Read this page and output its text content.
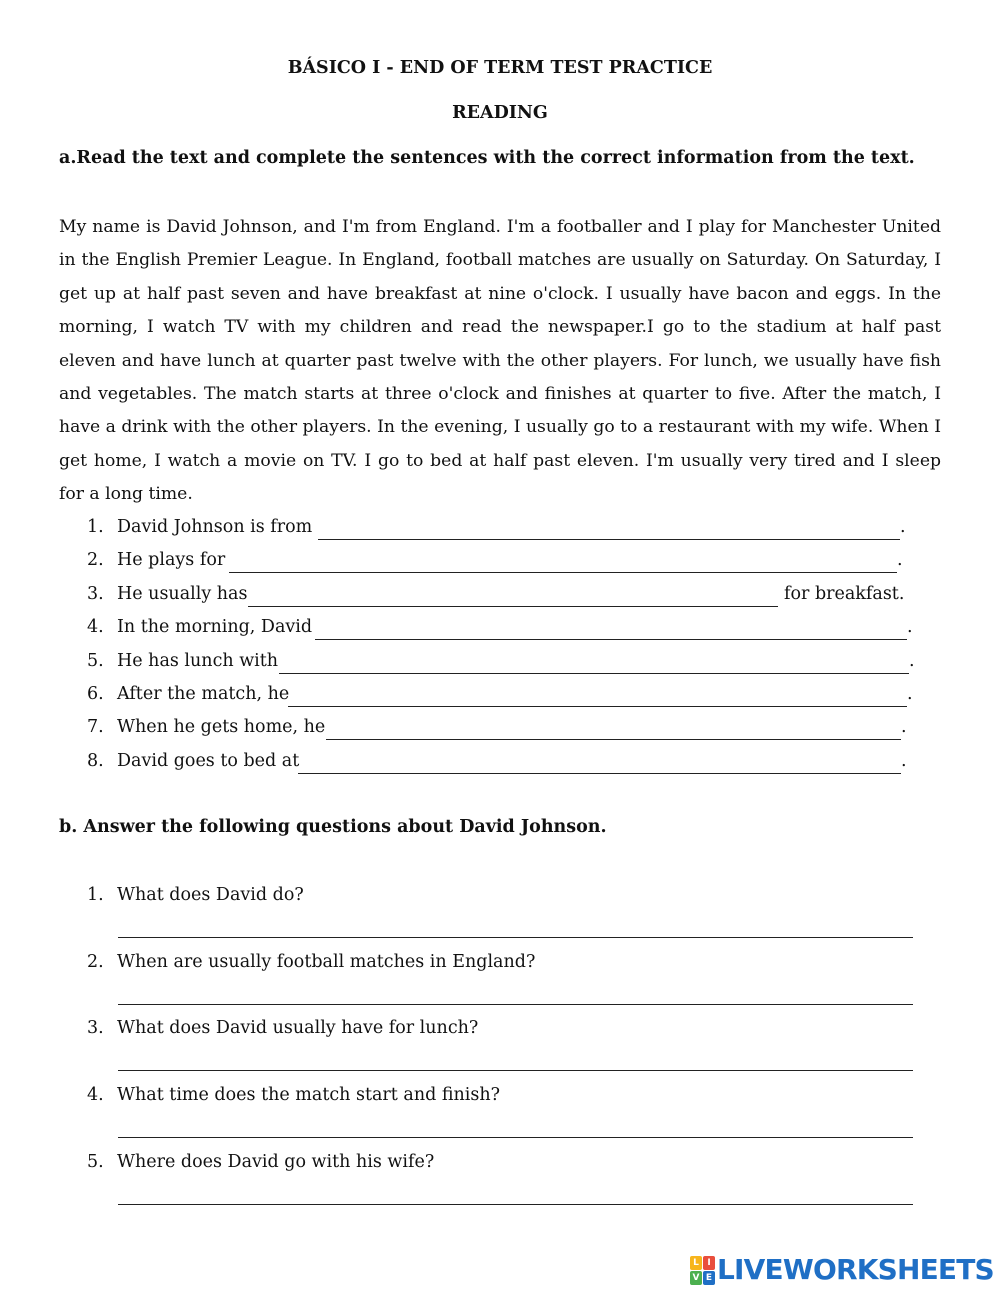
BÁSICO I - END OF TERM TEST PRACTICE
READING
a.Read the text and complete the sentences with the correct information from the text.
My name is David Johnson, and I'm from England. I'm a footballer and I play for Manchester United in the English Premier League. In England, football matches are usually on Saturday. On Saturday, I get up at half past seven and have breakfast at nine o'clock. I usually have bacon and eggs. In the morning, I watch TV with my children and read the newspaper.I go to the stadium at half past eleven and have lunch at quarter past twelve with the other players. For lunch, we usually have fish and vegetables. The match starts at three o'clock and finishes at quarter to five. After the match, I have a drink with the other players. In the evening, I usually go to a restaurant with my wife. When I get home, I watch a movie on TV. I go to bed at half past eleven. I'm usually very tired and I sleep for a long time.
1. David Johnson is from	.
2. He plays for	.
3. He usually has	for breakfast.
4. In the morning, David	.
5. He has lunch with	.
6. After the match, he	.
7. When he gets home, he	.
8. David goes to bed at	.
b. Answer the following questions about David Johnson.
1. What does David do?
2. When are usually football matches in England?
3. What does David usually have for lunch?
4. What time does the match start and finish?
5. Where does David go with his wife?
L I
V E LIVEWORKSHEETS
